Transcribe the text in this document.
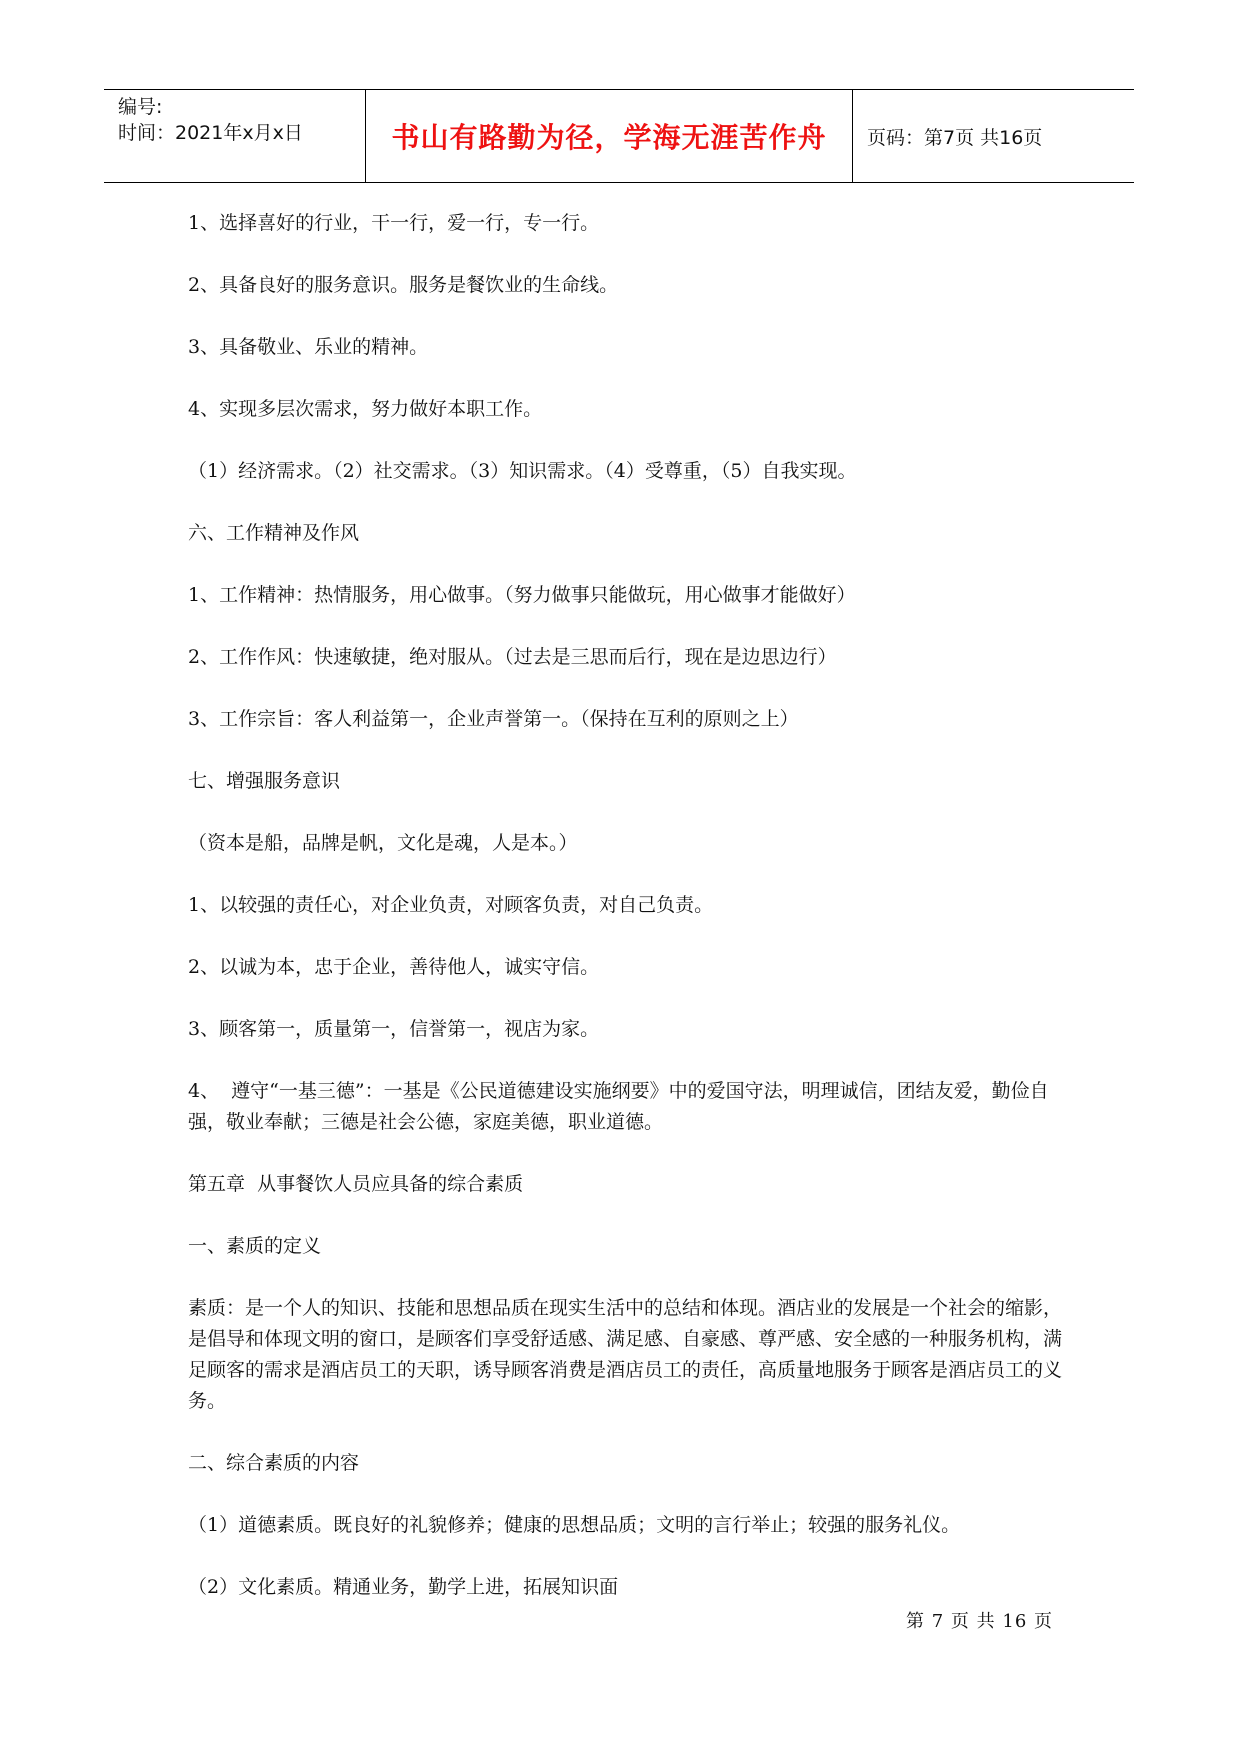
编号:
时间：2021年x月x日	书山有路勤为径，学海无涯苦作舟	页码：第7页 共16页

1、选择喜好的行业，干一行，爱一行，专一行。

2、具备良好的服务意识。服务是餐饮业的生命线。

3、具备敬业、乐业的精神。

4、实现多层次需求，努力做好本职工作。

（1）经济需求。（2）社交需求。（3）知识需求。（4）受尊重，（5）自我实现。

六、工作精神及作风

1、工作精神：热情服务，用心做事。（努力做事只能做玩，用心做事才能做好）

2、工作作风：快速敏捷，绝对服从。（过去是三思而后行，现在是边思边行）

3、工作宗旨：客人利益第一，企业声誉第一。（保持在互利的原则之上）

七、增强服务意识

（资本是船，品牌是帆，文化是魂，人是本。）

1、以较强的责任心，对企业负责，对顾客负责，对自己负责。

2、以诚为本，忠于企业，善待他人，诚实守信。

3、顾客第一，质量第一，信誉第一，视店为家。

4、  遵守“一基三德”：一基是《公民道德建设实施纲要》中的爱国守法，明理诚信，团结友爱，勤俭自强，敬业奉献；三德是社会公德，家庭美德，职业道德。

第五章  从事餐饮人员应具备的综合素质

一、素质的定义

素质：是一个人的知识、技能和思想品质在现实生活中的总结和体现。酒店业的发展是一个社会的缩影，是倡导和体现文明的窗口，是顾客们享受舒适感、满足感、自豪感、尊严感、安全感的一种服务机构，满足顾客的需求是酒店员工的天职，诱导顾客消费是酒店员工的责任，高质量地服务于顾客是酒店员工的义务。

二、综合素质的内容

（1）道德素质。既良好的礼貌修养；健康的思想品质；文明的言行举止；较强的服务礼仪。

（2）文化素质。精通业务，勤学上进，拓展知识面

第 7 页 共 16 页
